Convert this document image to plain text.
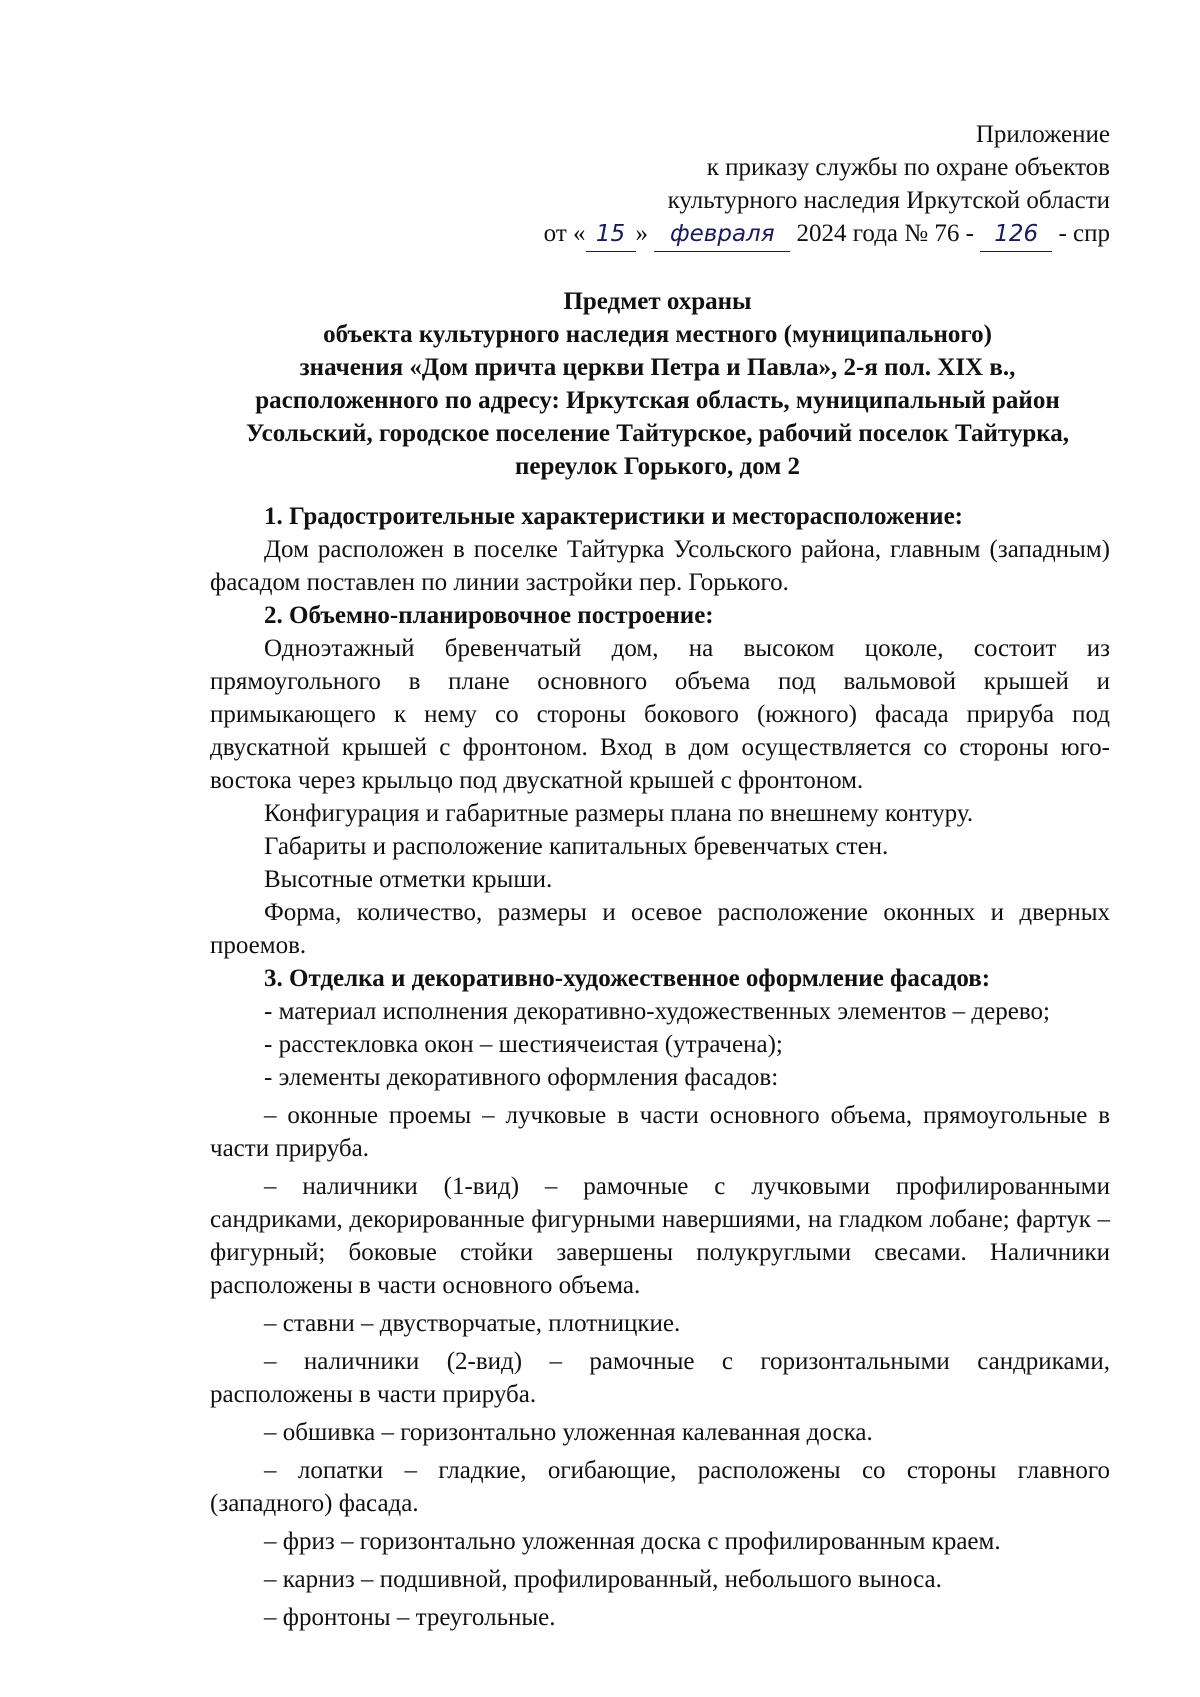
Приложение
к приказу службы по охране объектов
культурного наследия Иркутской области
от « 15 » февраля 2024 года № 76 - 126 - спр
Предмет охраны
объекта культурного наследия местного (муниципального)
значения «Дом причта церкви Петра и Павла», 2-я пол. XIX в.,
расположенного по адресу: Иркутская область, муниципальный район
Усольский, городское поселение Тайтурское, рабочий поселок Тайтурка,
переулок Горького, дом 2

1. Градостроительные характеристики и месторасположение:

Дом расположен в поселке Тайтурка Усольского района, главным (западным) фасадом поставлен по линии застройки пер. Горького.

2. Объемно-планировочное построение:

Одноэтажный бревенчатый дом, на высоком цоколе, состоит из прямоугольного в плане основного объема под вальмовой крышей и примыкающего к нему со стороны бокового (южного) фасада прируба под двускатной крышей с фронтоном. Вход в дом осуществляется со стороны юго-востока через крыльцо под двускатной крышей с фронтоном.

Конфигурация и габаритные размеры плана по внешнему контуру.

Габариты и расположение капитальных бревенчатых стен.

Высотные отметки крыши.

Форма, количество, размеры и осевое расположение оконных и дверных проемов.

3. Отделка и декоративно-художественное оформление фасадов:

- материал исполнения декоративно-художественных элементов – дерево;

- расстекловка окон – шестиячеистая (утрачена);

- элементы декоративного оформления фасадов:

– оконные проемы – лучковые в части основного объема, прямоугольные в части прируба.

– наличники (1-вид) – рамочные с лучковыми профилированными сандриками, декорированные фигурными навершиями, на гладком лобане; фартук – фигурный; боковые стойки завершены полукруглыми свесами. Наличники расположены в части основного объема.

– ставни – двустворчатые, плотницкие.

– наличники (2-вид) – рамочные с горизонтальными сандриками, расположены в части прируба.

– обшивка – горизонтально уложенная калеванная доска.

– лопатки – гладкие, огибающие, расположены со стороны главного (западного) фасада.

– фриз – горизонтально уложенная доска с профилированным краем.

– карниз – подшивной, профилированный, небольшого выноса.

– фронтоны – треугольные.
